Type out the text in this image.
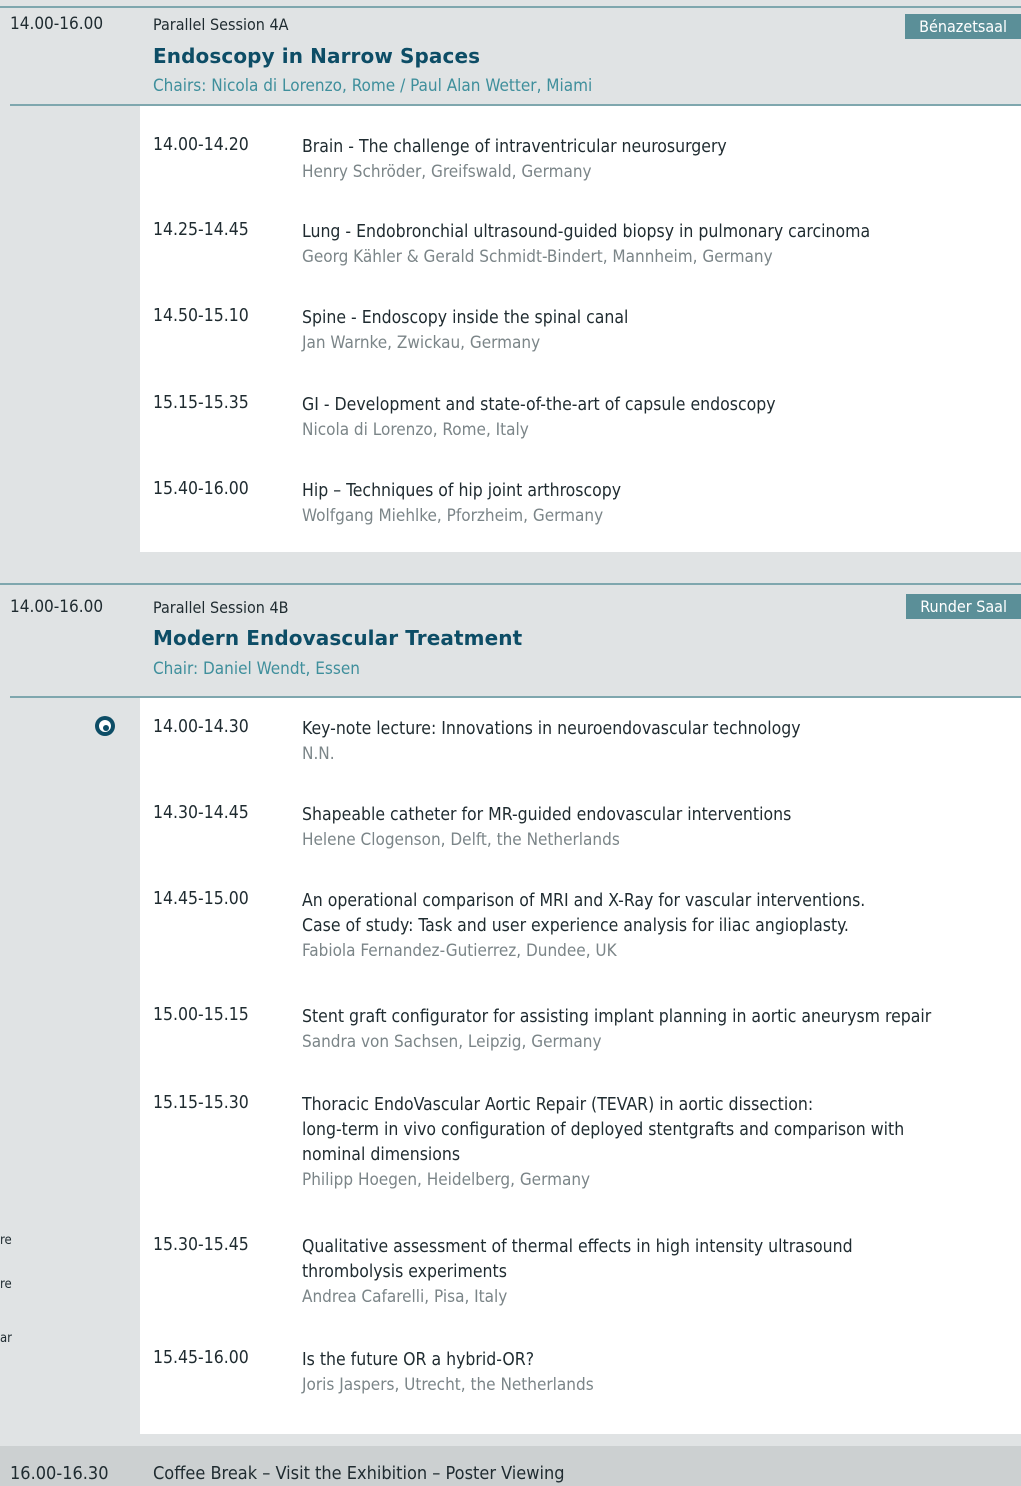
14.00-16.00	Parallel Session 4A	Bénazetsaal
Endoscopy in Narrow Spaces
Chairs: Nicola di Lorenzo, Rome / Paul Alan Wetter, Miami
14.00-14.20	Brain - The challenge of intraventricular neurosurgery
Henry Schröder, Greifswald, Germany
14.25-14.45	Lung - Endobronchial ultrasound-guided biopsy in pulmonary carcinoma
Georg Kähler & Gerald Schmidt-Bindert, Mannheim, Germany
14.50-15.10	Spine - Endoscopy inside the spinal canal
Jan Warnke, Zwickau, Germany
15.15-15.35	GI - Development and state-of-the-art of capsule endoscopy
Nicola di Lorenzo, Rome, Italy
15.40-16.00	Hip – Techniques of hip joint arthroscopy
Wolfgang Miehlke, Pforzheim, Germany
14.00-16.00	Parallel Session 4B	Runder Saal
Modern Endovascular Treatment
Chair: Daniel Wendt, Essen
14.00-14.30	Key-note lecture: Innovations in neuroendovascular technology
N.N.
14.30-14.45	Shapeable catheter for MR-guided endovascular interventions
Helene Clogenson, Delft, the Netherlands
14.45-15.00	An operational comparison of MRI and X-Ray for vascular interventions.
Case of study: Task and user experience analysis for iliac angioplasty.
Fabiola Fernandez-Gutierrez, Dundee, UK
15.00-15.15	Stent graft configurator for assisting implant planning in aortic aneurysm repair
Sandra von Sachsen, Leipzig, Germany
15.15-15.30	Thoracic EndoVascular Aortic Repair (TEVAR) in aortic dissection:
long-term in vivo configuration of deployed stentgrafts and comparison with
nominal dimensions
Philipp Hoegen, Heidelberg, Germany
15.30-15.45	Qualitative assessment of thermal effects in high intensity ultrasound
thrombolysis experiments
Andrea Cafarelli, Pisa, Italy
15.45-16.00	Is the future OR a hybrid-OR?
Joris Jaspers, Utrecht, the Netherlands
re
re
ar
16.00-16.30 Coffee Break – Visit the Exhibition – Poster Viewing
